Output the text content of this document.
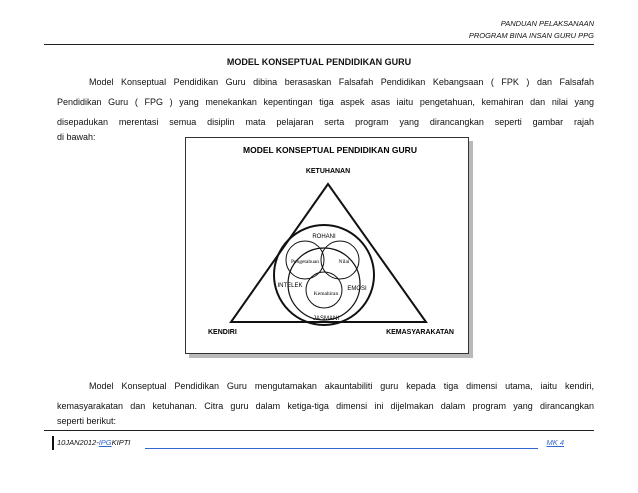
PANDUAN PELAKSANAAN
PROGRAM BINA INSAN GURU PPG
MODEL KONSEPTUAL PENDIDIKAN GURU
Model Konseptual Pendidikan Guru dibina berasaskan Falsafah Pendidikan Kebangsaan ( FPK ) dan Falsafah
Pendidikan Guru ( FPG ) yang menekankan kepentingan tiga aspek asas iaitu pengetahuan, kemahiran dan nilai yang
disepadukan merentasi semua disiplin mata pelajaran serta program yang dirancangkan seperti gambar rajah
di bawah:
MODEL KONSEPTUAL PENDIDIKAN GURU
KETUHANAN
ROHANI
Pengetahuan	Nilai
INTELEK	EMOSI
Kemahiran
JASMANI
KENDIRI	KEMASYARAKATAN
Model Konseptual Pendidikan Guru mengutamakan akauntabiliti guru kepada tiga dimensi utama, iaitu kendiri,
kemasyarakatan dan ketuhanan. Citra guru dalam ketiga-tiga dimensi ini dijelmakan dalam program yang dirancangkan
seperti berikut:
10JAN2012-IPGKIPTI	MK 4
